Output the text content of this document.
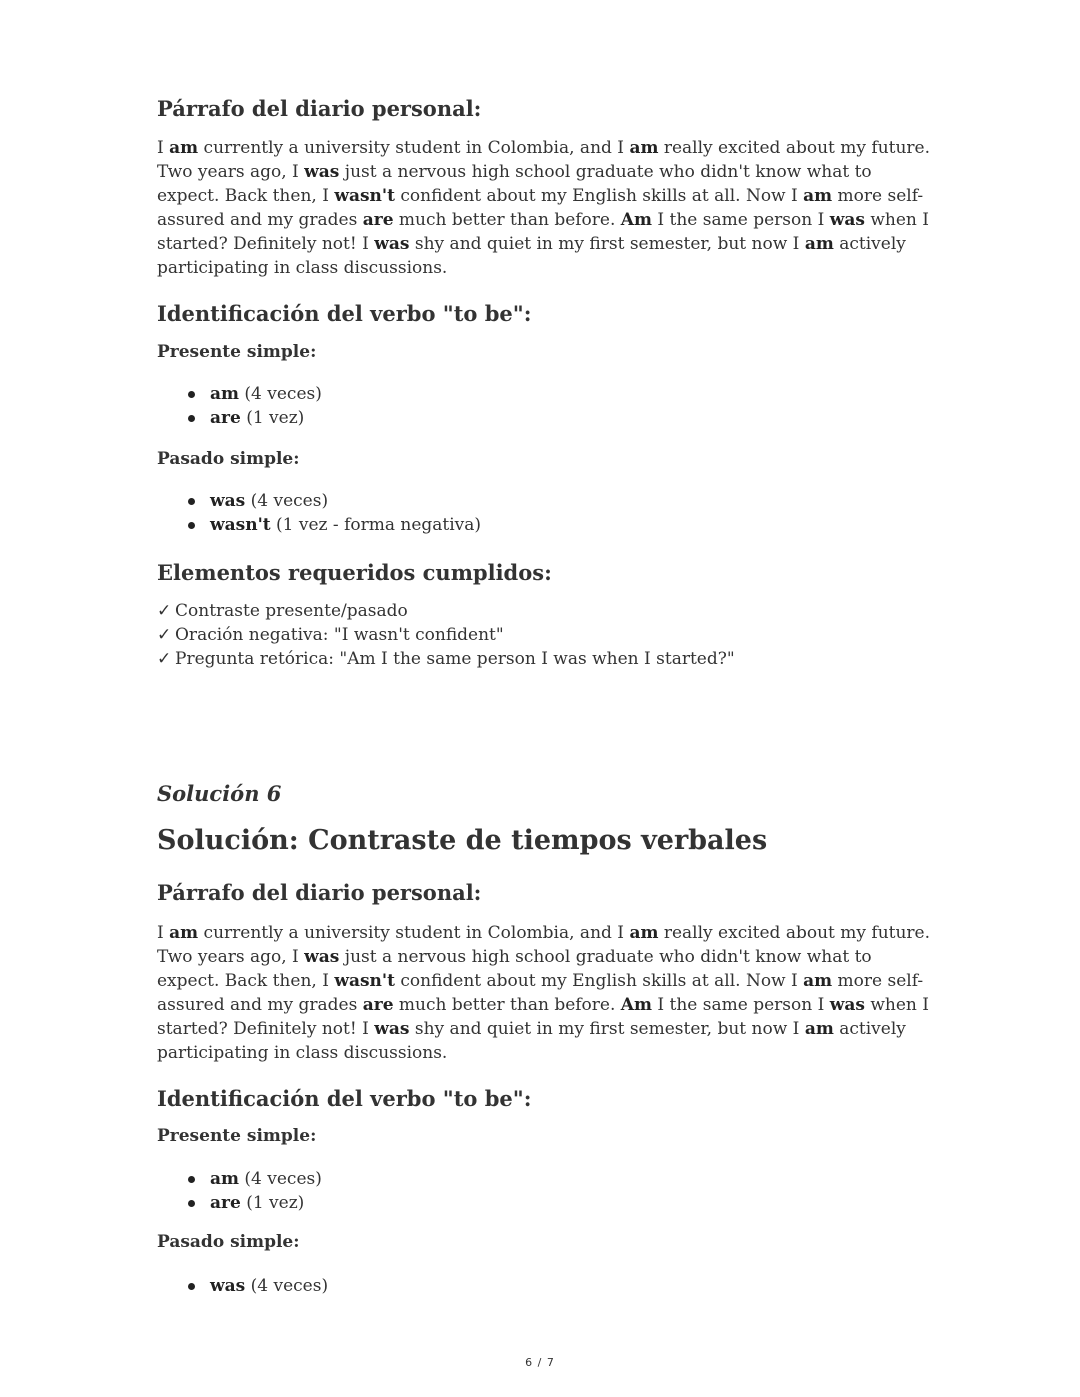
Párrafo del diario personal:

I am currently a university student in Colombia, and I am really excited about my future. Two years ago, I was just a nervous high school graduate who didn't know what to expect. Back then, I wasn't confident about my English skills at all. Now I am more self-assured and my grades are much better than before. Am I the same person I was when I started? Definitely not! I was shy and quiet in my first semester, but now I am actively participating in class discussions.

Identificación del verbo "to be":
Presente simple:
am (4 veces)
are (1 vez)
Pasado simple:
was (4 veces)
wasn't (1 vez - forma negativa)
Elementos requeridos cumplidos:
✓ Contraste presente/pasado
✓ Oración negativa: "I wasn't confident"
✓ Pregunta retórica: "Am I the same person I was when I started?"
Solución 6
Solución: Contraste de tiempos verbales
Párrafo del diario personal:

I am currently a university student in Colombia, and I am really excited about my future. Two years ago, I was just a nervous high school graduate who didn't know what to expect. Back then, I wasn't confident about my English skills at all. Now I am more self-assured and my grades are much better than before. Am I the same person I was when I started? Definitely not! I was shy and quiet in my first semester, but now I am actively participating in class discussions.

Identificación del verbo "to be":
Presente simple:
am (4 veces)
are (1 vez)
Pasado simple:
was (4 veces)
6 / 7
